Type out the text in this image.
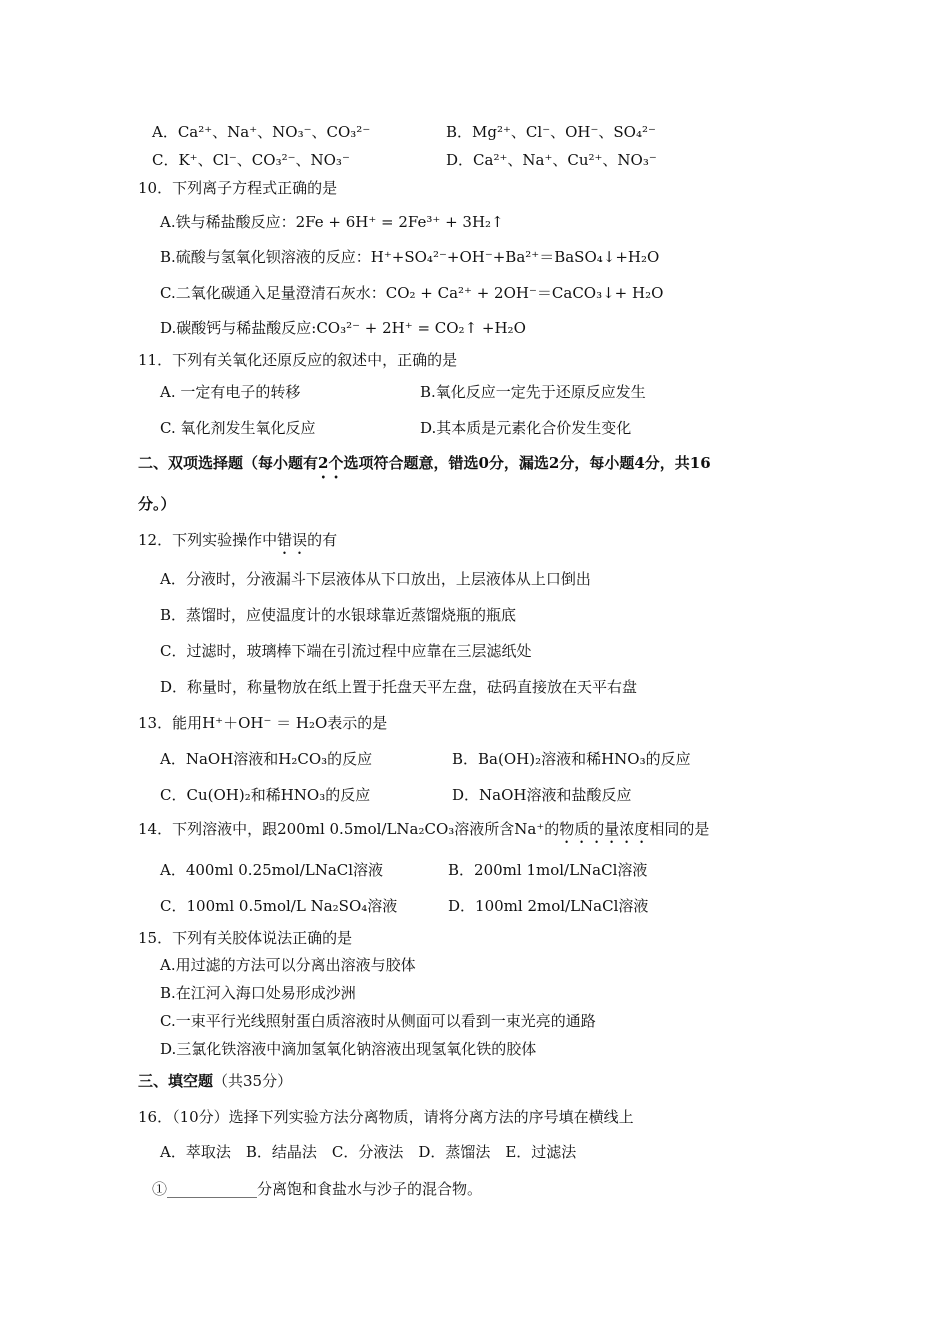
A．Ca²⁺、Na⁺、NO₃⁻、CO₃²⁻	B．Mg²⁺、Cl⁻、OH⁻、SO₄²⁻
C．K⁺、Cl⁻、CO₃²⁻、NO₃⁻	D．Ca²⁺、Na⁺、Cu²⁺、NO₃⁻
10．下列离子方程式正确的是
A.铁与稀盐酸反应：2Fe + 6H⁺ = 2Fe³⁺ + 3H₂↑
B.硫酸与氢氧化钡溶液的反应：H⁺+SO₄²⁻+OH⁻+Ba²⁺＝BaSO₄↓+H₂O
C.二氧化碳通入足量澄清石灰水：CO₂ + Ca²⁺ + 2OH⁻＝CaCO₃↓+ H₂O
D.碳酸钙与稀盐酸反应:CO₃²⁻ + 2H⁺ = CO₂↑ +H₂O
11．下列有关氧化还原反应的叙述中，正确的是
A. 一定有电子的转移	B.氧化反应一定先于还原反应发生
C. 氧化剂发生氧化反应	D.其本质是元素化合价发生变化
二、双项选择题（每小题有2个选项符合题意，错选0分，漏选2分，每小题4分，共16
分。）
12．下列实验操作中错误的有
A．分液时，分液漏斗下层液体从下口放出，上层液体从上口倒出
B．蒸馏时，应使温度计的水银球靠近蒸馏烧瓶的瓶底
C．过滤时，玻璃棒下端在引流过程中应靠在三层滤纸处
D．称量时，称量物放在纸上置于托盘天平左盘，砝码直接放在天平右盘
13．能用H⁺＋OH⁻ ＝ H₂O表示的是
A．NaOH溶液和H₂CO₃的反应	B．Ba(OH)₂溶液和稀HNO₃的反应
C．Cu(OH)₂和稀HNO₃的反应	D．NaOH溶液和盐酸反应
14．下列溶液中，跟200ml 0.5mol/LNa₂CO₃溶液所含Na⁺的物质的量浓度相同的是
A．400ml 0.25mol/LNaCl溶液	B．200ml 1mol/LNaCl溶液
C．100ml 0.5mol/L Na₂SO₄溶液	D．100ml 2mol/LNaCl溶液
15．下列有关胶体说法正确的是
A.用过滤的方法可以分离出溶液与胶体
B.在江河入海口处易形成沙洲
C.一束平行光线照射蛋白质溶液时从侧面可以看到一束光亮的通路
D.三氯化铁溶液中滴加氢氧化钠溶液出现氢氧化铁的胶体
三、填空题（共35分）
16．（10分）选择下列实验方法分离物质，请将分离方法的序号填在横线上
A．萃取法　B．结晶法　C．分液法　D．蒸馏法　E．过滤法
①____________分离饱和食盐水与沙子的混合物。
